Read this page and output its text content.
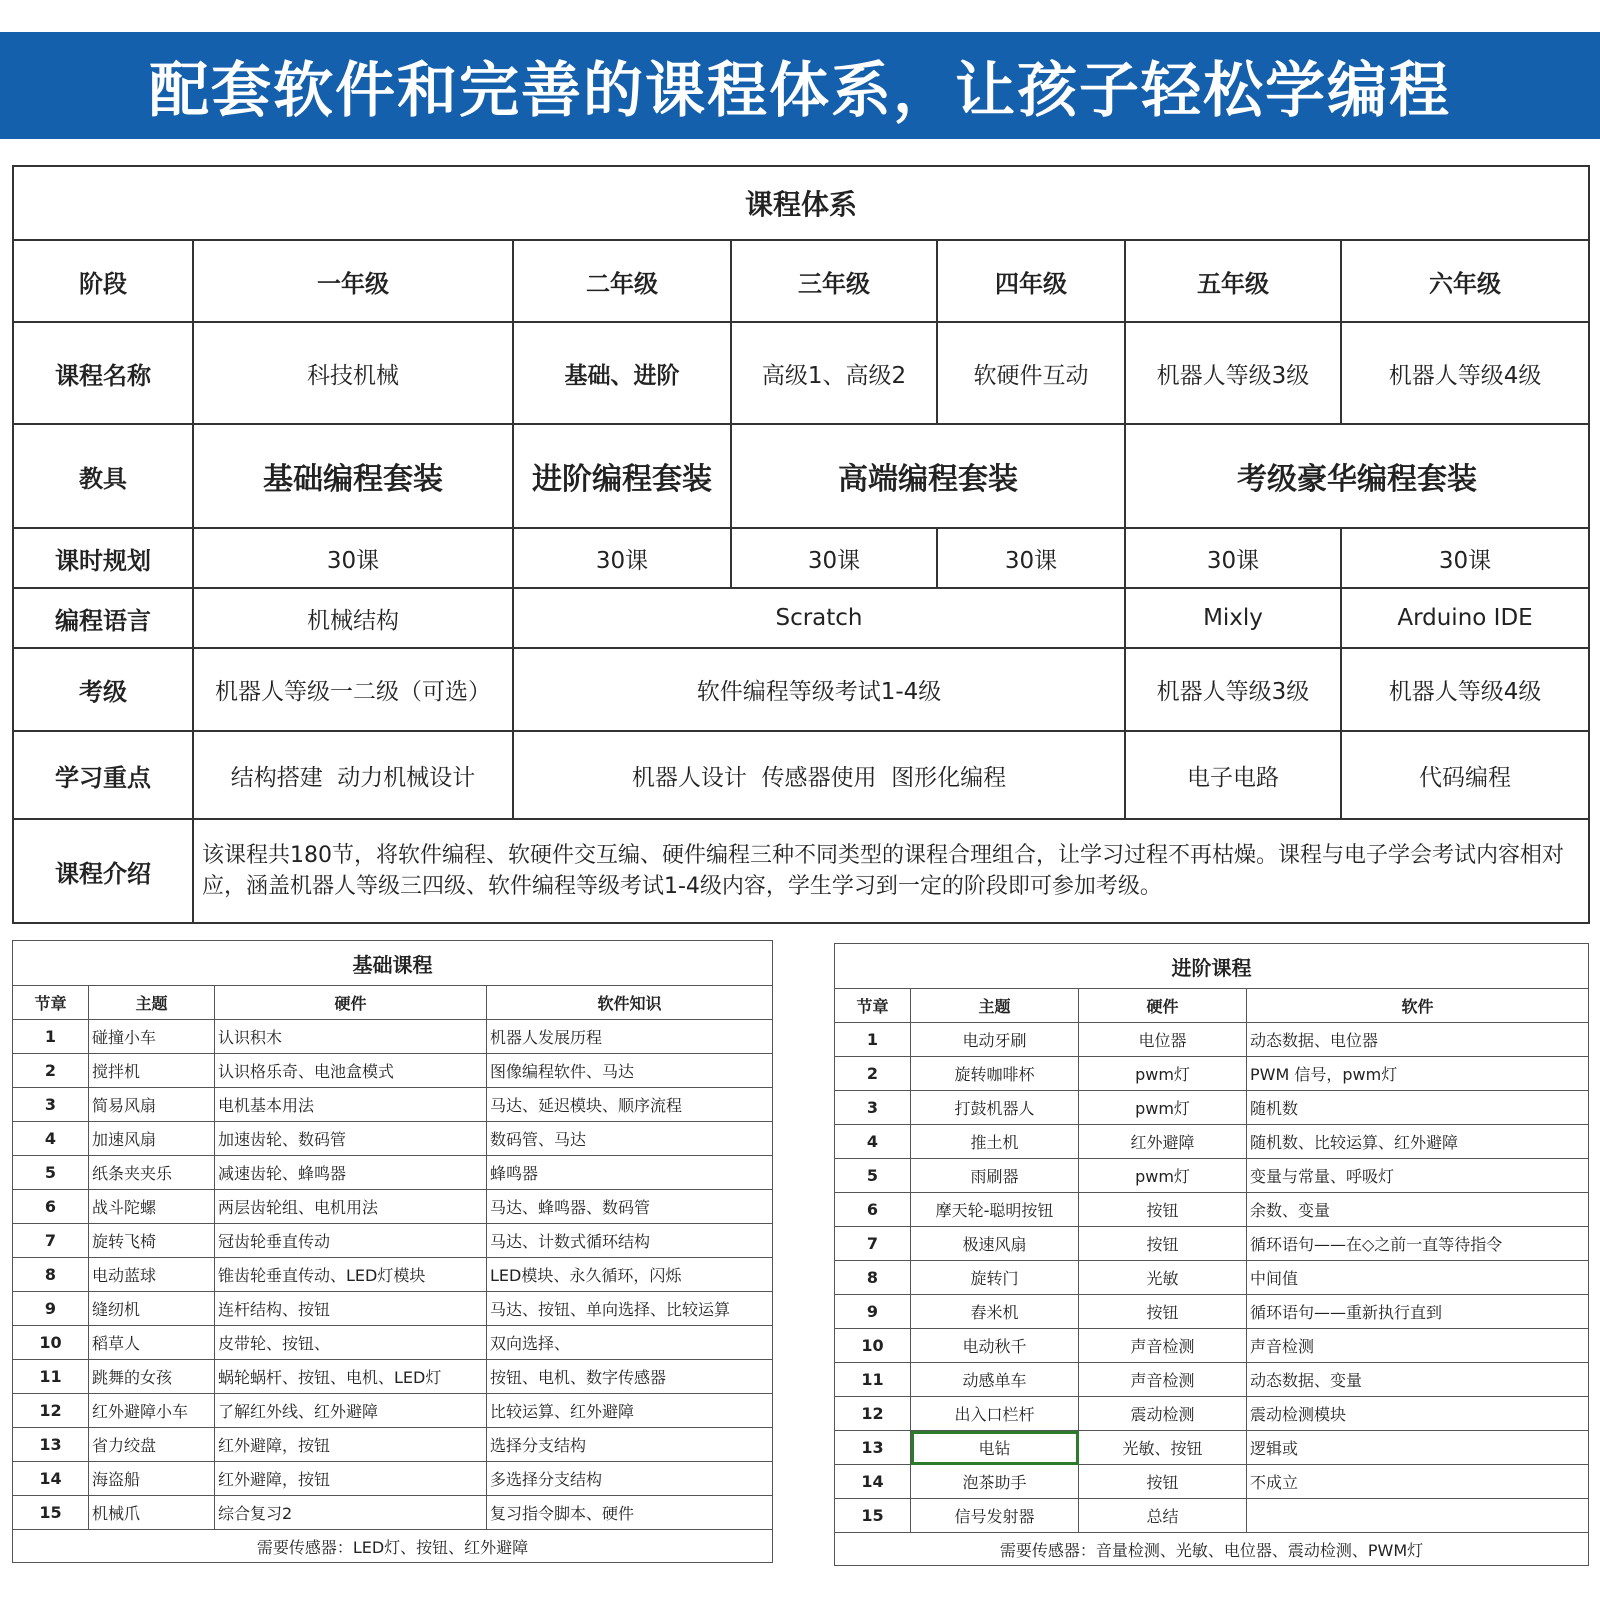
配套软件和完善的课程体系，让孩子轻松学编程
课程体系						
阶段	一年级	二年级	三年级	四年级	五年级	六年级
课程名称	科技机械	基础、进阶	高级1、高级2	软硬件互动	机器人等级3级	机器人等级4级
教具	基础编程套装	进阶编程套装	高端编程套装		考级豪华编程套装	
课时规划	30课	30课	30课	30课	30课	30课
编程语言	机械结构	Scratch			Mixly	Arduino IDE
考级	机器人等级一二级（可选）	软件编程等级考试1-4级			机器人等级3级	机器人等级4级
学习重点	结构搭建  动力机械设计	机器人设计  传感器使用  图形化编程			电子电路	代码编程
课程介绍	该课程共180节，将软件编程、软硬件交互编、硬件编程三种不同类型的课程合理组合，让学习过程不再枯燥。课程与电子学会考试内容相对应，涵盖机器人等级三四级、软件编程等级考试1-4级内容，学生学习到一定的阶段即可参加考级。					
基础课程			
节章	主题	硬件	软件知识
1	碰撞小车	认识积木	机器人发展历程
2	搅拌机	认识格乐奇、电池盒模式	图像编程软件、马达
3	简易风扇	电机基本用法	马达、延迟模块、顺序流程
4	加速风扇	加速齿轮、数码管	数码管、马达
5	纸条夹夹乐	减速齿轮、蜂鸣器	蜂鸣器
6	战斗陀螺	两层齿轮组、电机用法	马达、蜂鸣器、数码管
7	旋转飞椅	冠齿轮垂直传动	马达、计数式循环结构
8	电动蓝球	锥齿轮垂直传动、LED灯模块	LED模块、永久循环，闪烁
9	缝纫机	连杆结构、按钮	马达、按钮、单向选择、比较运算
10	稻草人	皮带轮、按钮、	双向选择、
11	跳舞的女孩	蜗轮蜗杆、按钮、电机、LED灯	按钮、电机、数字传感器
12	红外避障小车	了解红外线、红外避障	比较运算、红外避障
13	省力绞盘	红外避障，按钮	选择分支结构
14	海盗船	红外避障，按钮	多选择分支结构
15	机械爪	综合复习2	复习指令脚本、硬件
需要传感器：LED灯、按钮、红外避障			
进阶课程			
节章	主题	硬件	软件
1	电动牙刷	电位器	动态数据、电位器
2	旋转咖啡杯	pwm灯	PWM 信号，pwm灯
3	打鼓机器人	pwm灯	随机数
4	推土机	红外避障	随机数、比较运算、红外避障
5	雨刷器	pwm灯	变量与常量、呼吸灯
6	摩天轮-聪明按钮	按钮	余数、变量
7	极速风扇	按钮	循环语句——在◇之前一直等待指令
8	旋转门	光敏	中间值
9	舂米机	按钮	循环语句——重新执行直到
10	电动秋千	声音检测	声音检测
11	动感单车	声音检测	动态数据、变量
12	出入口栏杆	震动检测	震动检测模块
13	电钻	光敏、按钮	逻辑或
14	泡茶助手	按钮	不成立
15	信号发射器	总结	
需要传感器：音量检测、光敏、电位器、震动检测、PWM灯			
